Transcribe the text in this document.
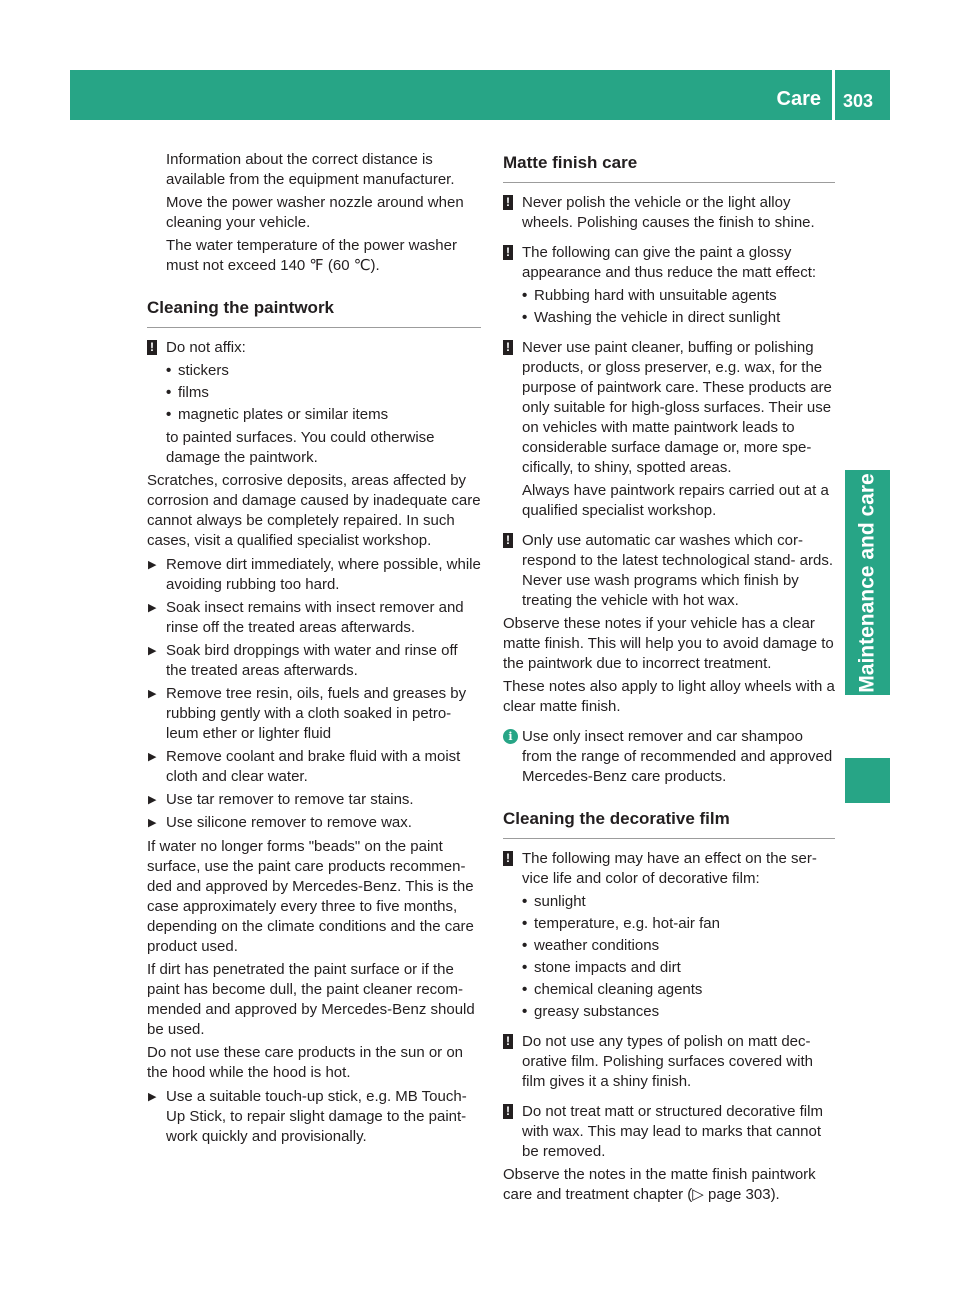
Care 303
Maintenance and care

Information about the correct distance is available from the equipment manufacturer.

Move the power washer nozzle around when cleaning your vehicle.

The water temperature of the power washer must not exceed 140 ℉ (60 ℃).

Cleaning the paintwork
! Do not affix:
• stickers
• films
• magnetic plates or similar items

to painted surfaces. You could otherwise damage the paintwork.

Scratches, corrosive deposits, areas affected by corrosion and damage caused by inadequate care cannot always be completely repaired. In such cases, visit a qualified specialist workshop.

▶ Remove dirt immediately, where possible, while avoiding rubbing too hard.
▶ Soak insect remains with insect remover and rinse off the treated areas afterwards.
▶ Soak bird droppings with water and rinse off the treated areas afterwards.
▶ Remove tree resin, oils, fuels and greases by rubbing gently with a cloth soaked in petro- leum ether or lighter fluid
▶ Remove coolant and brake fluid with a moist cloth and clear water.
▶ Use tar remover to remove tar stains.
▶ Use silicone remover to remove wax.

If water no longer forms "beads" on the paint surface, use the paint care products recommen- ded and approved by Mercedes-Benz. This is the case approximately every three to five months, depending on the climate conditions and the care product used.

If dirt has penetrated the paint surface or if the paint has become dull, the paint cleaner recom- mended and approved by Mercedes-Benz should be used.

Do not use these care products in the sun or on the hood while the hood is hot.

▶ Use a suitable touch-up stick, e.g. MB Touch- Up Stick, to repair slight damage to the paint- work quickly and provisionally.
Matte finish care
! Never polish the vehicle or the light alloy wheels. Polishing causes the finish to shine.
! The following can give the paint a glossy appearance and thus reduce the matt effect:
• Rubbing hard with unsuitable agents
• Washing the vehicle in direct sunlight
! Never use paint cleaner, buffing or polishing products, or gloss preserver, e.g. wax, for the purpose of paintwork care. These products are only suitable for high-gloss surfaces. Their use on vehicles with matte paintwork leads to considerable surface damage or, more spe- cifically, to shiny, spotted areas.

Always have paintwork repairs carried out at a qualified specialist workshop.

! Only use automatic car washes which cor- respond to the latest technological stand- ards. Never use wash programs which finish by treating the vehicle with hot wax.

Observe these notes if your vehicle has a clear matte finish. This will help you to avoid damage to the paintwork due to incorrect treatment.

These notes also apply to light alloy wheels with a clear matte finish.

i Use only insect remover and car shampoo from the range of recommended and approved Mercedes-Benz care products.
Cleaning the decorative film
! The following may have an effect on the ser- vice life and color of decorative film:
• sunlight
• temperature, e.g. hot-air fan
• weather conditions
• stone impacts and dirt
• chemical cleaning agents
• greasy substances
! Do not use any types of polish on matt dec- orative film. Polishing surfaces covered with film gives it a shiny finish.
! Do not treat matt or structured decorative film with wax. This may lead to marks that cannot be removed.

Observe the notes in the matte finish paintwork care and treatment chapter (▷ page 303).
